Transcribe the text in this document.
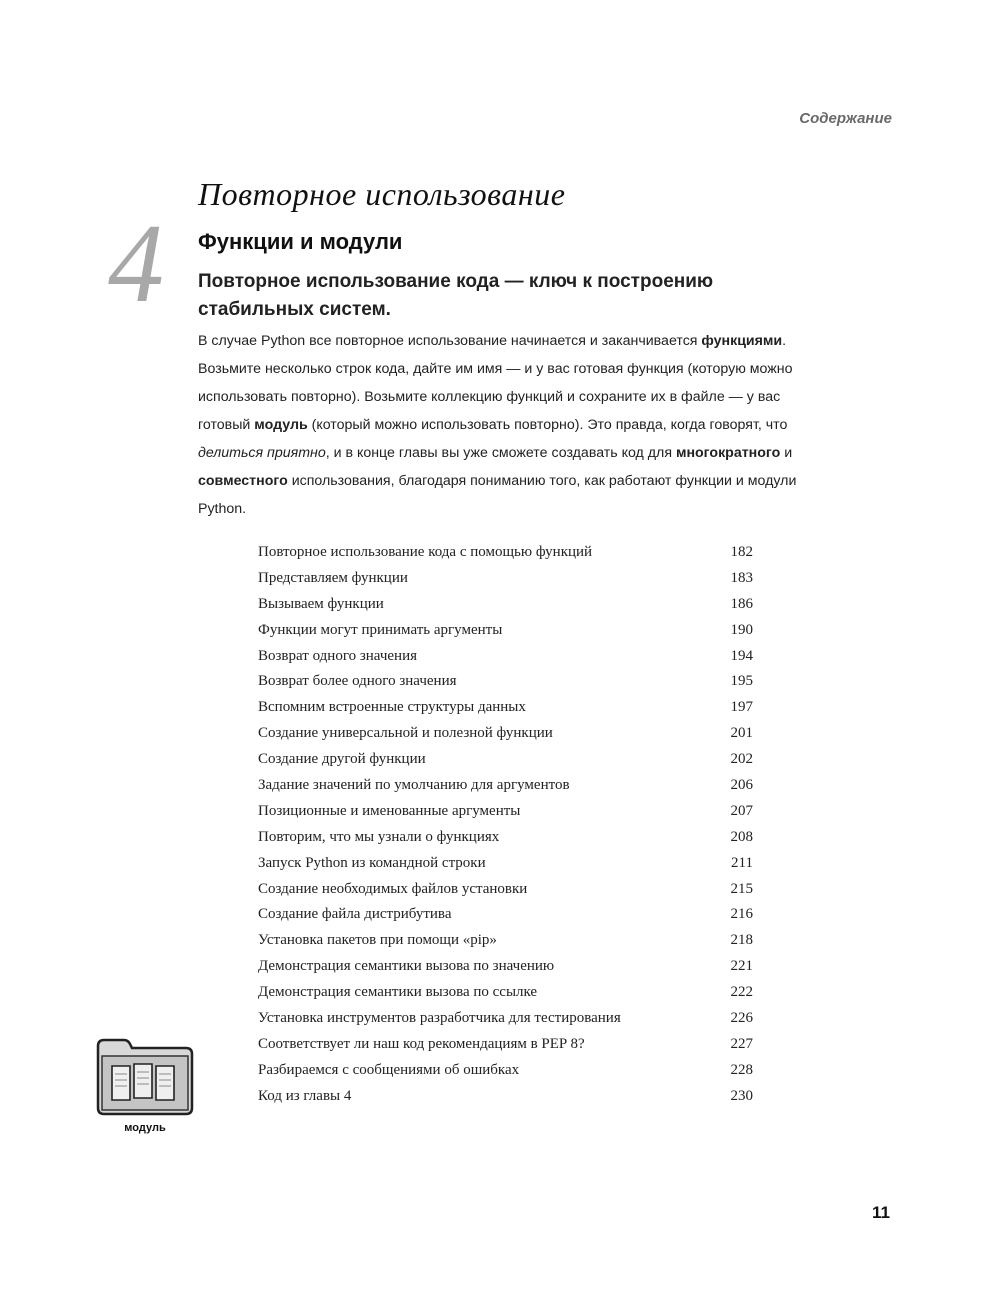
Содержание
4
Повторное использование
Функции и модули
Повторное использование кода — ключ к построению стабильных систем.
В случае Python все повторное использование начинается и заканчивается функциями. Возьмите несколько строк кода, дайте им имя — и у вас готовая функция (которую можно использовать повторно). Возьмите коллекцию функций и сохраните их в файле — у вас готовый модуль (который можно использовать повторно). Это правда, когда говорят, что делиться приятно, и в конце главы вы уже сможете создавать код для многократного и совместного использования, благодаря пониманию того, как работают функции и модули Python.
Повторное использование кода с помощью функций	182
Представляем функции	183
Вызываем функции	186
Функции могут принимать аргументы	190
Возврат одного значения	194
Возврат более одного значения	195
Вспомним встроенные структуры данных	197
Создание универсальной и полезной функции	201
Создание другой функции	202
Задание значений по умолчанию для аргументов	206
Позиционные и именованные аргументы	207
Повторим, что мы узнали о функциях	208
Запуск Python из командной строки	211
Создание необходимых файлов установки	215
Создание файла дистрибутива	216
Установка пакетов при помощи «pip»	218
Демонстрация семантики вызова по значению	221
Демонстрация семантики вызова по ссылке	222
Установка инструментов разработчика для тестирования	226
Соответствует ли наш код рекомендациям в PEP 8?	227
Разбираемся с сообщениями об ошибках	228
Код из главы 4	230
модуль
11
